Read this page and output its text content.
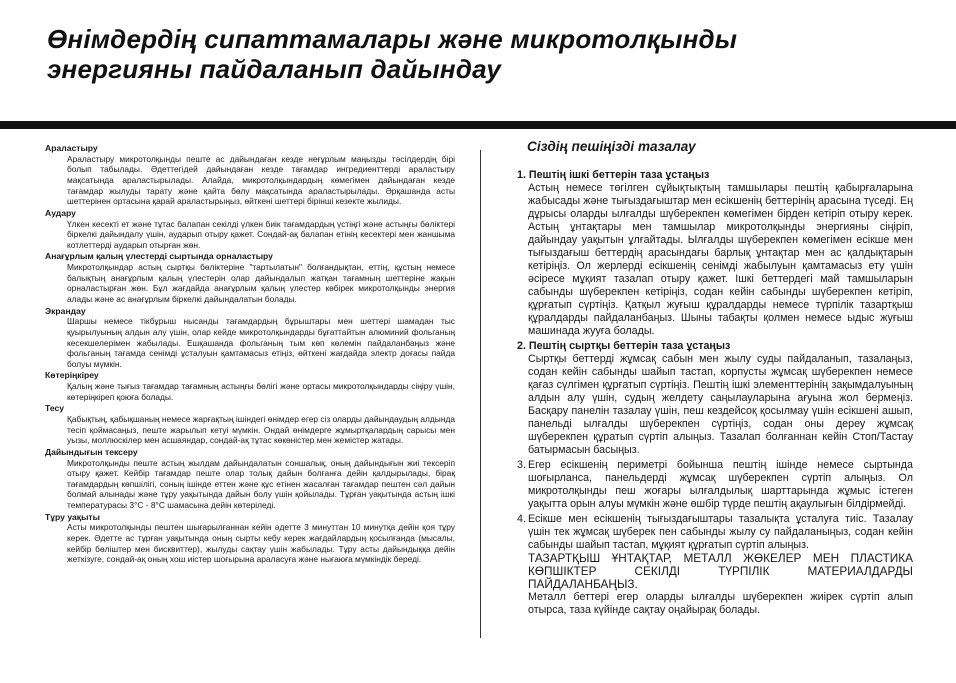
Өнімдердің сипаттамалары және микротолқынды
энергияны пайдаланып дайындау
Араластыру
Араластыру микротолқынды пеште ас дайындаған кезде неғұрлым маңызды тәсілдердің бірі болып табылады. Әдеттегідей дайындаған кезде тағамдар ингредиенттерді араластыру мақсатында араластырылады. Алайда, микротолқындардың көмегімен дайындаған кезде тағамдар жылуды тарату және қайта бөлу мақсатында араластырылады. Әрқашанда асты шеттерінен ортасына қарай араластырыңыз, өйткені шеттері бірінші кезекте жылиды.
Аудару
Үлкен кесекті ет және тұтас балапан секілді үлкен биік тағамдардың үстіңгі және астыңғы бөліктері біркелкі дайындалу үшін, аударып отыру қажет. Сондай-ақ балапан етінің кесектері мен жаншыма котлеттерді аударып отырған жөн.
Анағұрлым қалың үлестерді сыртында орналастыру
Микротолқындар астың сыртқы бөліктеріне "тартылатын" болғандықтан, еттің, құстың немесе балықтың анағұрлым қалың үлестерін олар дайындалып жатқан тағамның шеттеріне жақын орналастырған жөн. Бұл жағдайда анағұрлым қалың үлестер көбірек микротолқынды энергия алады және ас анағұрлым біркелкі дайындалатын болады.
Экрандау
Шаршы немесе тікбұрыш нысанды тағамдардың бұрыштары мен шеттері шамадан тыс қуырылуының алдын алу үшін, олар кейде микротолқындарды бұғаттайтын алюминий фольганың кесекшелерімен жабылады. Ешқашанда фольганың тым көп көлемін пайдаланбаңыз және фольганың тағамда сенімді ұсталуын қамтамасыз етіңіз, өйткені жағдайда электр доғасы пайда болуы мүмкін.
Көтеріңкіреу
Қалың және тығыз тағамдар тағамның астыңғы бөлігі және ортасы микротолқындарды сіңіру үшін, көтеріңкіреп қоюға болады.
Тесу
Қабықтың, қабықшаның немесе жарғақтың ішіндегі өнімдер егер сіз оларды дайындаудың алдында тесіп қоймасаңыз, пеште жарылып кетуі мүмкін. Ондай өнімдерге жұмыртқалардың сарысы мен уызы, моллюскілер мен асшаяндар, сондай-ақ тұтас көкөністер мен жемістер жатады.
Дайындығын тексеру
Микротолқынды пеште астың жылдам дайындалатын соншалық, оның дайындығын жиі тексеріп отыру қажет. Кейбір тағамдар пеште олар толық дайын болғанға дейін қалдырылады, бірақ тағамдардың көпшілігі, соның ішінде еттен және құс етінен жасалған тағамдар пештен сәл дайын болмай алынады және тұру уақытында дайын болу үшін қойылады. Тұрған уақытында астың ішкі температурасы 3°С - 8°С шамасына дейін көтеріледі.
Тұру уақыты
Асты микротолқынды пештен шығарылғаннан кейін әдетте 3 минуттан 10 минутқа дейін қоя тұру керек. Әдетте ас тұрған уақытында оның сырты кебу керек жағдайлардың қосылғанда (мысалы, кейбір бөліштер мен бисквиттер), жылуды сақтау үшін жабылады. Тұру асты дайындыққа дейін жеткізуге, сондай-ақ оның хош иістер шоғырына араласуға және нығаюға мүмкіндік береді.
Сіздің пешіңізді тазалау
1. Пештің ішкі беттерін таза ұстаңыз
Астың немесе төгілген сұйықтықтың тамшылары пештің қабырғаларына жабысады және тығыздағыштар мен есікшенің беттерінің арасына түседі. Ең дұрысы оларды ылғалды шүберекпен көмегімен бірден кетіріп отыру керек. Астың ұнтақтары мен тамшылар микротолқынды энергияны сіңіріп, дайындау уақытын ұлғайтады. Ылғалды шүберекпен көмегімен есікше мен тығыздағыш беттердің арасындағы барлық ұнтақтар мен ас қалдықтарын кетіріңіз. Ол жерлерді есікшенің сенімді жабылуын қамтамасыз ету үшін әсіресе мұқият тазалап отыру қажет. Ішкі беттердегі май тамшыларын сабынды шүберекпен кетіріңіз, содан кейін сабынды шүберекпен кетіріп, құрғатып сүртіңіз. Қатқыл жуғыш құралдарды немесе түрпілік тазартқыш құралдарды пайдаланбаңыз. Шыны табақты қолмен немесе ыдыс жуғыш машинада жууға болады.
2. Пештің сыртқы беттерін таза ұстаңыз
Сыртқы беттерді жұмсақ сабын мен жылу суды пайдаланып, тазалаңыз, содан кейін сабынды шайып тастап, корпусты жұмсақ шүберекпен немесе қағаз сүлгімен құрғатып сүртіңіз. Пештің ішкі элементтерінің зақымдалуының алдын алу үшін, судың желдету саңылауларына ағуына жол бермеңіз. Басқару панелін тазалау үшін, пеш кездейсоқ қосылмау үшін есікшені ашып, панельді ылғалды шүберекпен сүртіңіз, содан оны дереу жұмсақ шүберекпен құратып сүртіп алыңыз. Тазалап болғаннан кейін Стоп/Тастау батырмасын басыңыз.
3. Егер есікшенің периметрі бойынша пештің ішінде немесе сыртында шоғырланса, панельдерді жұмсақ шүберекпен сүртіп алыңыз. Ол микротолқынды пеш жоғары ылғалдылық шарттарында жұмыс істеген уақытта орын алуы мүмкін және өшбір түрде пештің ақаулығын білдірмейді.
4. Есікше мен есікшенің тығыздағыштары тазалықта ұсталуға тиіс. Тазалау үшін тек жұмсақ шүберек пен сабынды жылу су пайдаланыңыз, содан кейін сабынды шайып тастап, мұқият құрғатып сүртіп алыңыз.
ТАЗАРТҚЫШ ҰНТАҚТАР, МЕТАЛЛ ЖӨКЕЛЕР МЕН ПЛАСТИКА КӨПШІКТЕР СЕКІЛДІ ТҮРПІЛІК МАТЕРИАЛДАРДЫ ПАЙДАЛАНБАҢЫЗ.
Металл беттері егер оларды ылғалды шүберекпен жиірек сүртіп алып отырса, таза күйінде сақтау оңайырақ болады.
